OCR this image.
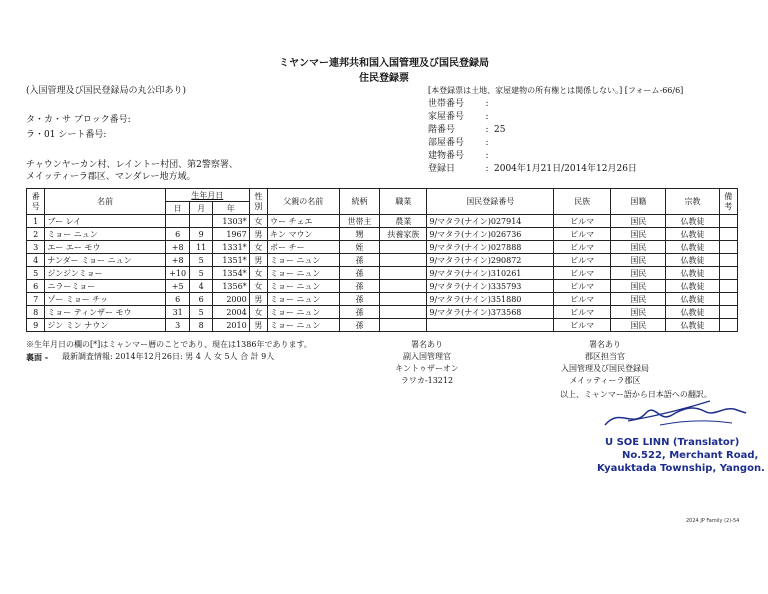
ミヤンマー連邦共和国入国管理及び国民登録局
住民登録票
(入国管理及び国民登録局の丸公印あり)
タ・カ・サ ブロック番号:
ラ・01 シート番号:
チャウンヤーカン村、レイントー村団、第2警察署、
メイッティーラ郡区、マンダレー地方域。
[本登録票は土地、家屋建物の所有権とは関係しない。] [フォーム-66/6]
世帯番号	:
家屋番号	:
階番号	: 25
部屋番号	:
建物番号	:
登録日	: 2004年1月21日/2014年12月26日
番号	名前	生年月日			性別	父親の名前	続柄	職業	国民登録番号	民族	国籍	宗教	備考
		日	月	年									
1	ブー レイ			1303*	女	ウー チェエ	世帯主	農業	9/マタラ(ナイン)027914	ビルマ	国民	仏教徒	
2	ミョー ニュン	6	9	1967	男	キン マウン	甥	扶養家族	9/マタラ(ナイン)026736	ビルマ	国民	仏教徒	
3	エー エー モウ	+8	11	1331*	女	ボー チー	姪		9/マタラ(ナイン)027888	ビルマ	国民	仏教徒	
4	ナンダー ミョー ニュン	+8	5	1351*	男	ミョー ニュン	孫		9/マタラ(ナイン)290872	ビルマ	国民	仏教徒	
5	ジンジンミョー	+10	5	1354*	女	ミョー ニュン	孫		9/マタラ(ナイン)310261	ビルマ	国民	仏教徒	
6	ニラーミョー	+5	4	1356*	女	ミョー ニュン	孫		9/マタラ(ナイン)335793	ビルマ	国民	仏教徒	
7	ゾー ミョー チッ	6	6	2000	男	ミョー ニュン	孫		9/マタラ(ナイン)351880	ビルマ	国民	仏教徒	
8	ミョー ティンザー モウ	31	5	2004	女	ミョー ニュン	孫		9/マタラ(ナイン)373568	ビルマ	国民	仏教徒	
9	ジン ミン ナウン	3	8	2010	男	ミョー ニュン	孫			ビルマ	国民	仏教徒	
※生年月日の欄の[*]はミャンマー暦のことであり、現在は1386年であります。
裏面 - 最新調査情報: 2014年12月26日: 男 4 人 女 5人 合 計 9人
署名あり
副入国管理官
キントゥザーオン
ラワカ-13212
署名あり
郡区担当官
入国管理及び国民登録局
メイッティーラ郡区
以上、ミャンマー語から日本語への翻訳。
U SOE LINN (Translator)
No.522, Merchant Road,
Kyauktada Township, Yangon.
2024 JP Family (2)-54
